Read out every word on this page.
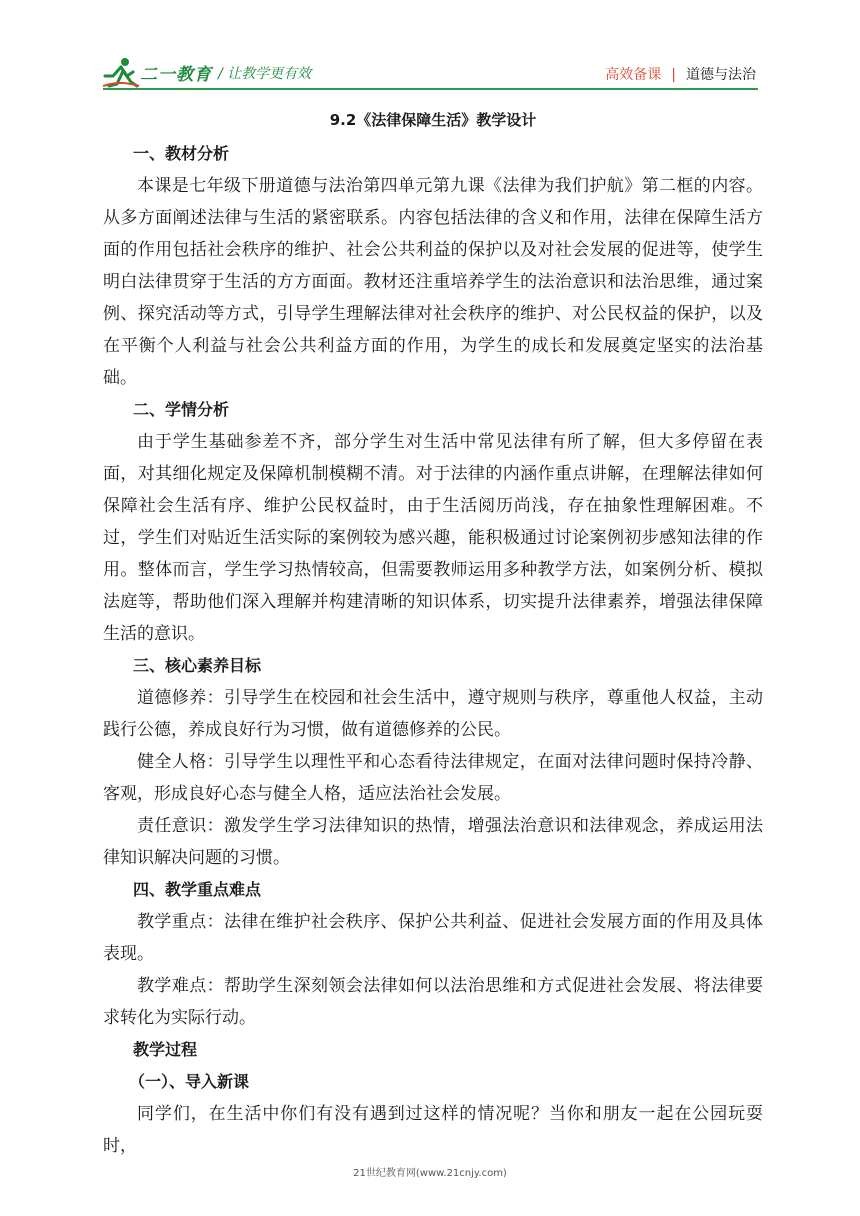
二一教育 / 让教学更有效	高效备课 | 道德与法治

9.2《法律保障生活》教学设计

一、教材分析

本课是七年级下册道德与法治第四单元第九课《法律为我们护航》第二框的内容。从多方面阐述法律与生活的紧密联系。内容包括法律的含义和作用，法律在保障生活方面的作用包括社会秩序的维护、社会公共利益的保护以及对社会发展的促进等，使学生明白法律贯穿于生活的方方面面。教材还注重培养学生的法治意识和法治思维，通过案例、探究活动等方式，引导学生理解法律对社会秩序的维护、对公民权益的保护，以及在平衡个人利益与社会公共利益方面的作用，为学生的成长和发展奠定坚实的法治基础。

二、学情分析

由于学生基础参差不齐，部分学生对生活中常见法律有所了解，但大多停留在表面，对其细化规定及保障机制模糊不清。对于法律的内涵作重点讲解，在理解法律如何保障社会生活有序、维护公民权益时，由于生活阅历尚浅，存在抽象性理解困难。不过，学生们对贴近生活实际的案例较为感兴趣，能积极通过讨论案例初步感知法律的作用。整体而言，学生学习热情较高，但需要教师运用多种教学方法，如案例分析、模拟法庭等，帮助他们深入理解并构建清晰的知识体系，切实提升法律素养，增强法律保障生活的意识。

三、核心素养目标

道德修养：引导学生在校园和社会生活中，遵守规则与秩序，尊重他人权益，主动践行公德，养成良好行为习惯，做有道德修养的公民。

健全人格：引导学生以理性平和心态看待法律规定，在面对法律问题时保持冷静、客观，形成良好心态与健全人格，适应法治社会发展。

责任意识：激发学生学习法律知识的热情，增强法治意识和法律观念，养成运用法律知识解决问题的习惯。

四、教学重点难点

教学重点：法律在维护社会秩序、保护公共利益、促进社会发展方面的作用及具体表现。

教学难点：帮助学生深刻领会法律如何以法治思维和方式促进社会发展、将法律要求转化为实际行动。

教学过程

（一）、导入新课

同学们，在生活中你们有没有遇到过这样的情况呢？当你和朋友一起在公园玩耍时，

21世纪教育网(www.21cnjy.com)
